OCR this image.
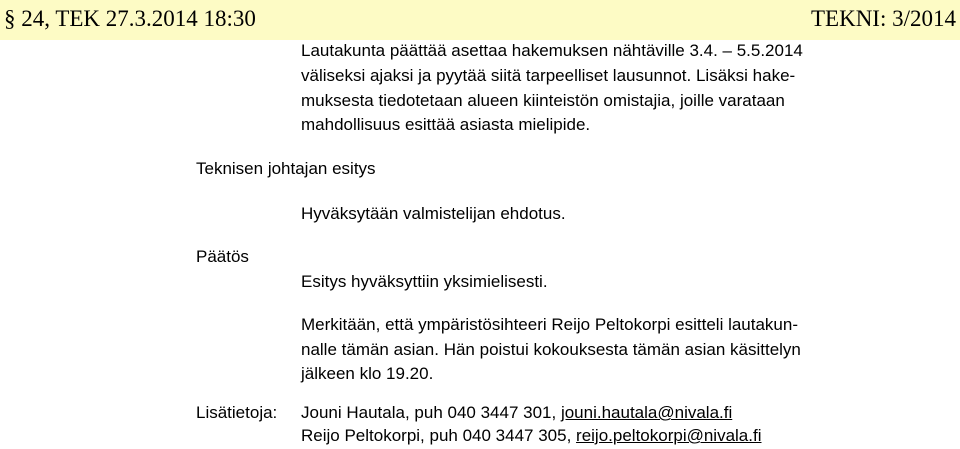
§ 24, TEK 27.3.2014 18:30	TEKNI: 3/2014
Lautakunta päättää asettaa hakemuksen nähtäville 3.4. – 5.5.2014
väliseksi ajaksi ja pyytää siitä tarpeelliset lausunnot. Lisäksi hake-
muksesta tiedotetaan alueen kiinteistön omistajia, joille varataan
mahdollisuus esittää asiasta mielipide.
Teknisen johtajan esitys
Hyväksytään valmistelijan ehdotus.
Päätös
Esitys hyväksyttiin yksimielisesti.
Merkitään, että ympäristösihteeri Reijo Peltokorpi esitteli lautakun-
nalle tämän asian. Hän poistui kokouksesta tämän asian käsittelyn
jälkeen klo 19.20.
Lisätietoja: Jouni Hautala, puh 040 3447 301, jouni.hautala@nivala.fi
Reijo Peltokorpi, puh 040 3447 305, reijo.peltokorpi@nivala.fi
